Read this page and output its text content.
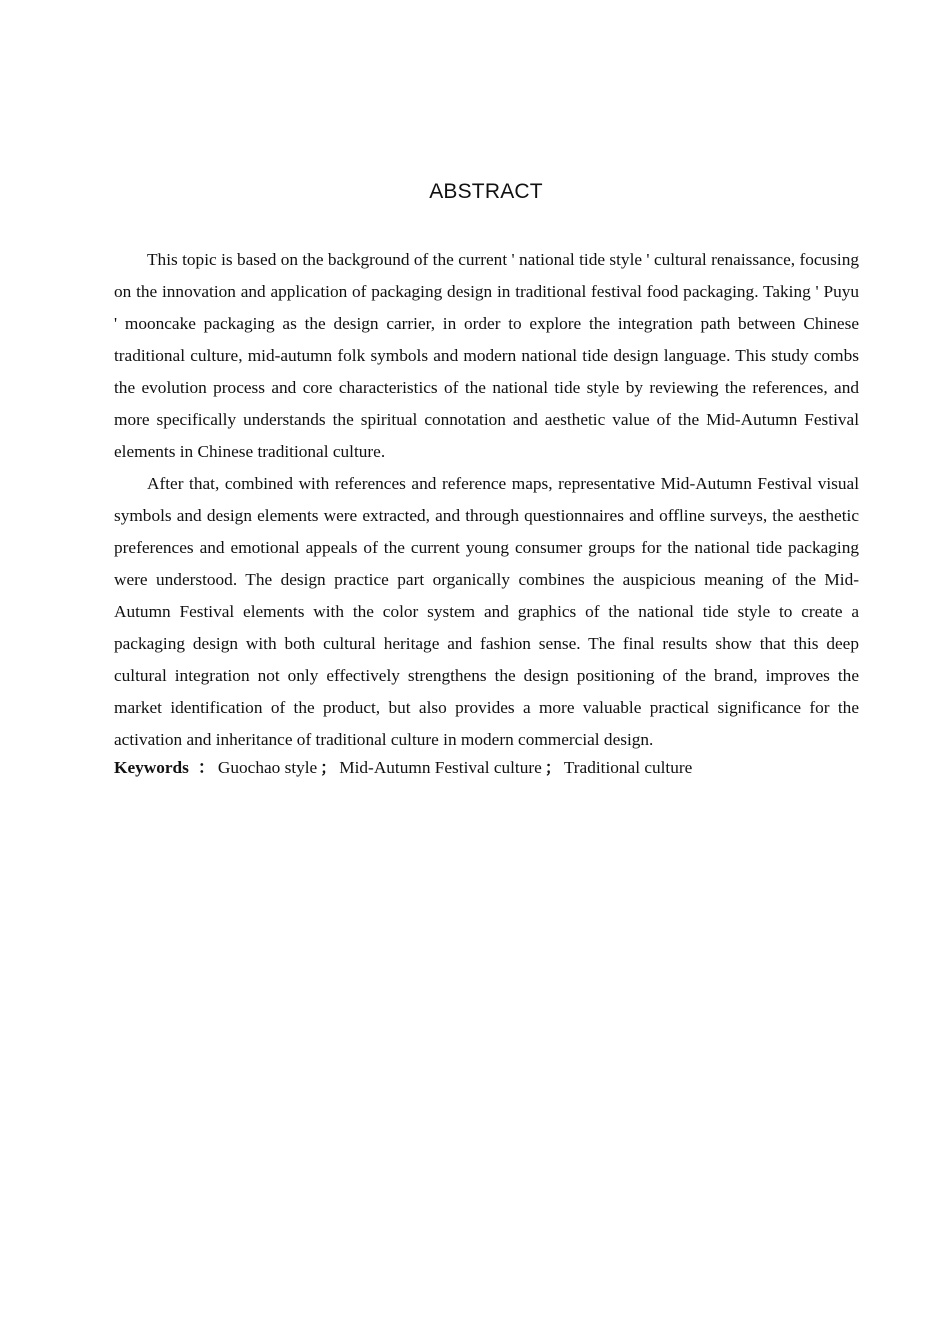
ABSTRACT

This topic is based on the background of the current ' national tide style ' cultural renaissance, focusing on the innovation and application of packaging design in traditional festival food packaging. Taking ' Puyu ' mooncake packaging as the design carrier, in order to explore the integration path between Chinese traditional culture, mid-autumn folk symbols and modern national tide design language. This study combs the evolution process and core characteristics of the national tide style by reviewing the references, and more specifically understands the spiritual connotation and aesthetic value of the Mid-Autumn Festival elements in Chinese traditional culture.

After that, combined with references and reference maps, representative Mid-Autumn Festival visual symbols and design elements were extracted, and through questionnaires and offline surveys, the aesthetic preferences and emotional appeals of the current young consumer groups for the national tide packaging were understood. The design practice part organically combines the auspicious meaning of the Mid-Autumn Festival elements with the color system and graphics of the national tide style to create a packaging design with both cultural heritage and fashion sense. The final results show that this deep cultural integration not only effectively strengthens the design positioning of the brand, improves the market identification of the product, but also provides a more valuable practical significance for the activation and inheritance of traditional culture in modern commercial design.

Keywords ： Guochao style ； Mid-Autumn Festival culture ； Traditional culture
